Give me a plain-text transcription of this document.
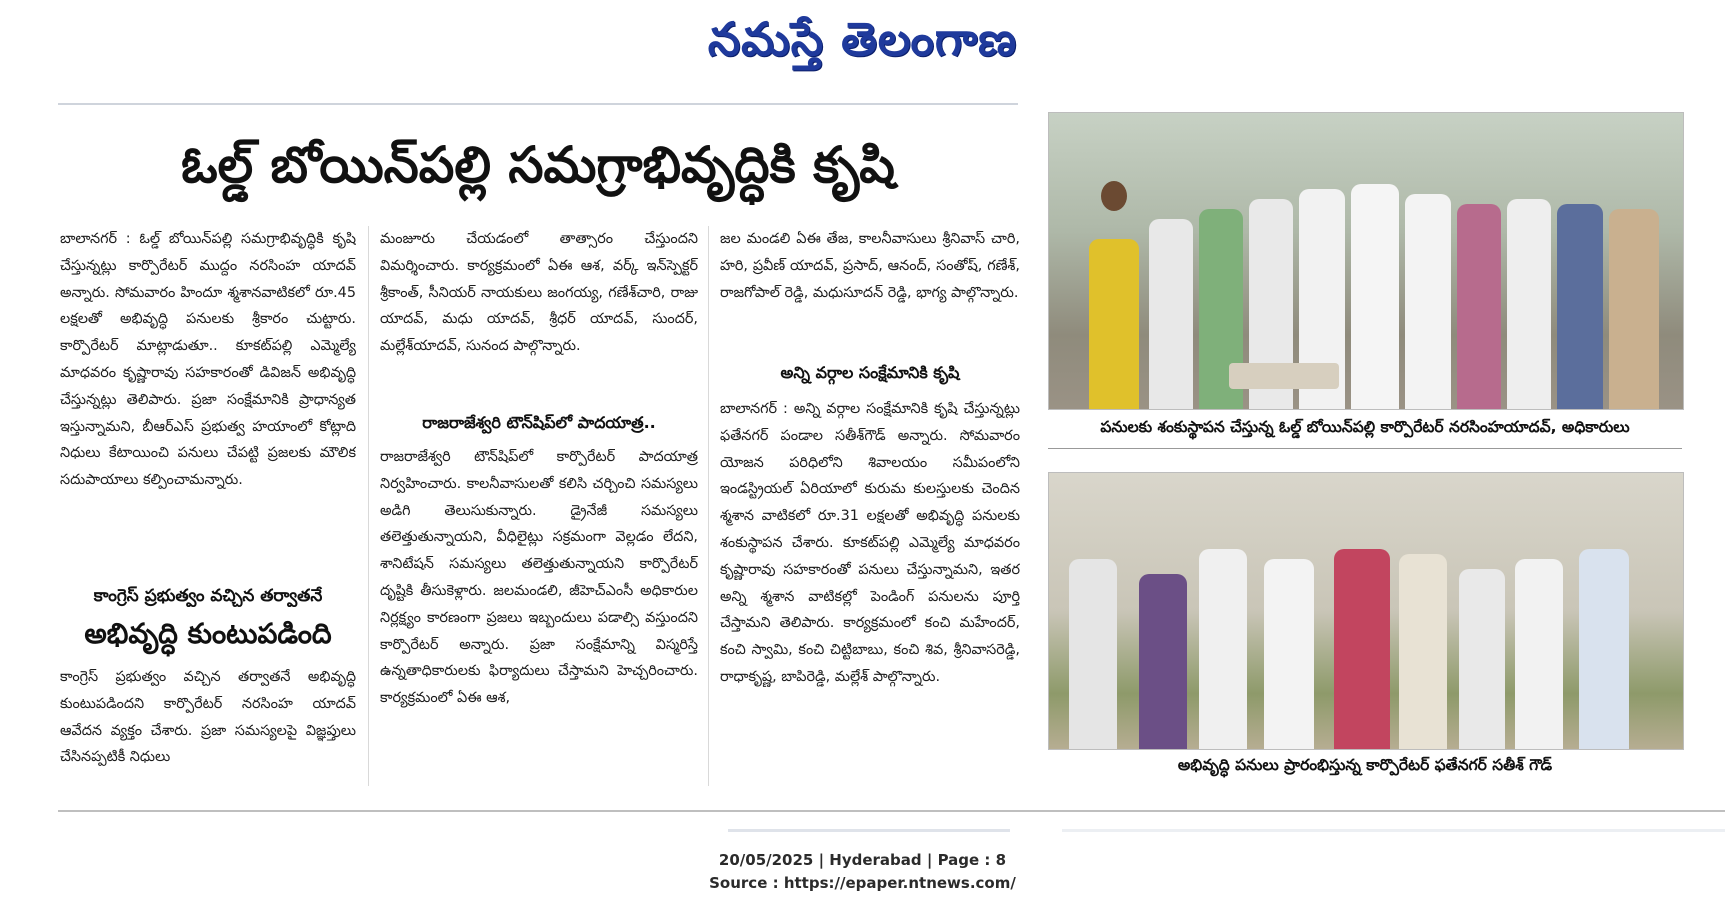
నమస్తే తెలంగాణ
ఓల్డ్ బోయిన్‌పల్లి సమగ్రాభివృద్ధికి కృషి

బాలానగర్ : ఓల్డ్ బోయిన్‌పల్లి సమగ్రాభివృద్ధికి కృషి చేస్తున్నట్లు కార్పొరేటర్ ముద్దం నరసింహ యాదవ్ అన్నారు. సోమవారం హిందూ శ్మశానవాటికలో రూ.45 లక్షలతో అభివృద్ధి పనులకు శ్రీకారం చుట్టారు. కార్పొరేటర్ మాట్లాడుతూ.. కూకట్‌పల్లి ఎమ్మెల్యే మాధవరం కృష్ణారావు సహకారంతో డివిజన్ అభివృద్ధి చేస్తున్నట్లు తెలిపారు. ప్రజా సంక్షేమానికి ప్రాధాన్యత ఇస్తున్నామని, బీఆర్ఎస్ ప్రభుత్వ హయాంలో కోట్లాది నిధులు కేటాయించి పనులు చేపట్టి ప్రజలకు మౌలిక సదుపాయాలు కల్పించామన్నారు.

కాంగ్రెస్ ప్రభుత్వం వచ్చిన తర్వాతనే
అభివృద్ధి కుంటుపడింది

కాంగ్రెస్ ప్రభుత్వం వచ్చిన తర్వాతనే అభివృద్ధి కుంటుపడిందని కార్పొరేటర్ నరసింహ యాదవ్ ఆవేదన వ్యక్తం చేశారు. ప్రజా సమస్యలపై విజ్ఞప్తులు చేసినప్పటికీ నిధులు

మంజూరు చేయడంలో తాత్సారం చేస్తుందని విమర్శించారు. కార్యక్రమంలో ఏఈ ఆశ, వర్క్ ఇన్‌స్పెక్టర్ శ్రీకాంత్, సీనియర్ నాయకులు జంగయ్య, గణేశ్‌చారి, రాజు యాదవ్, మధు యాదవ్, శ్రీధర్ యాదవ్, సుందర్, మల్లేశ్‌యాదవ్, సునంద పాల్గొన్నారు.

రాజరాజేశ్వరి టౌన్‌షిప్‌లో పాదయాత్ర..

రాజరాజేశ్వరి టౌన్‌షిప్‌లో కార్పొరేటర్ పాదయాత్ర నిర్వహించారు. కాలనీవాసులతో కలిసి చర్చించి సమస్యలు అడిగి తెలుసుకున్నారు. డ్రైనేజీ సమస్యలు తలెత్తుతున్నాయని, వీధిలైట్లు సక్రమంగా వెల్లడం లేదని, శానిటేషన్ సమస్యలు తలెత్తుతున్నాయని కార్పొరేటర్ దృష్టికి తీసుకెళ్లారు. జలమండలి, జీహెచ్ఎంసీ అధికారుల నిర్లక్ష్యం కారణంగా ప్రజలు ఇబ్బందులు పడాల్సి వస్తుందని కార్పొరేటర్ అన్నారు. ప్రజా సంక్షేమాన్ని విస్మరిస్తే ఉన్నతాధికారులకు ఫిర్యాదులు చేస్తామని హెచ్చరించారు. కార్యక్రమంలో ఏఈ ఆశ,

జల మండలి ఏఈ తేజ, కాలనీవాసులు శ్రీనివాస్ చారి, హరి, ప్రవీణ్ యాదవ్, ప్రసాద్, ఆనంద్, సంతోష్, గణేశ్, రాజగోపాల్ రెడ్డి, మధుసూదన్ రెడ్డి, భాగ్య పాల్గొన్నారు.

అన్ని వర్గాల సంక్షేమానికి కృషి

బాలానగర్ : అన్ని వర్గాల సంక్షేమానికి కృషి చేస్తున్నట్లు ఫతేనగర్ పండాల సతీశ్‌గౌడ్ అన్నారు. సోమవారం యోజన పరిధిలోని శివాలయం సమీపంలోని ఇండస్ట్రియల్ ఏరియాలో కురుమ కులస్తులకు చెందిన శ్మశాన వాటికలో రూ.31 లక్షలతో అభివృద్ధి పనులకు శంకుస్థాపన చేశారు. కూకట్‌పల్లి ఎమ్మెల్యే మాధవరం కృష్ణారావు సహకారంతో పనులు చేస్తున్నామని, ఇతర అన్ని శ్మశాన వాటికల్లో పెండింగ్ పనులను పూర్తి చేస్తామని తెలిపారు. కార్యక్రమంలో కంచి మహేందర్, కంచి స్వామి, కంచి చిట్టిబాబు, కంచి శివ, శ్రీనివాసరెడ్డి, రాధాకృష్ణ, బాపిరెడ్డి, మల్లేశ్ పాల్గొన్నారు.

పనులకు శంకుస్థాపన చేస్తున్న ఓల్డ్ బోయిన్‌పల్లి కార్పొరేటర్ నరసింహయాదవ్, అధికారులు
అభివృద్ధి పనులు ప్రారంభిస్తున్న కార్పొరేటర్ ఫతేనగర్ సతీశ్ గౌడ్
20/05/2025 | Hyderabad | Page : 8
Source : https://epaper.ntnews.com/
